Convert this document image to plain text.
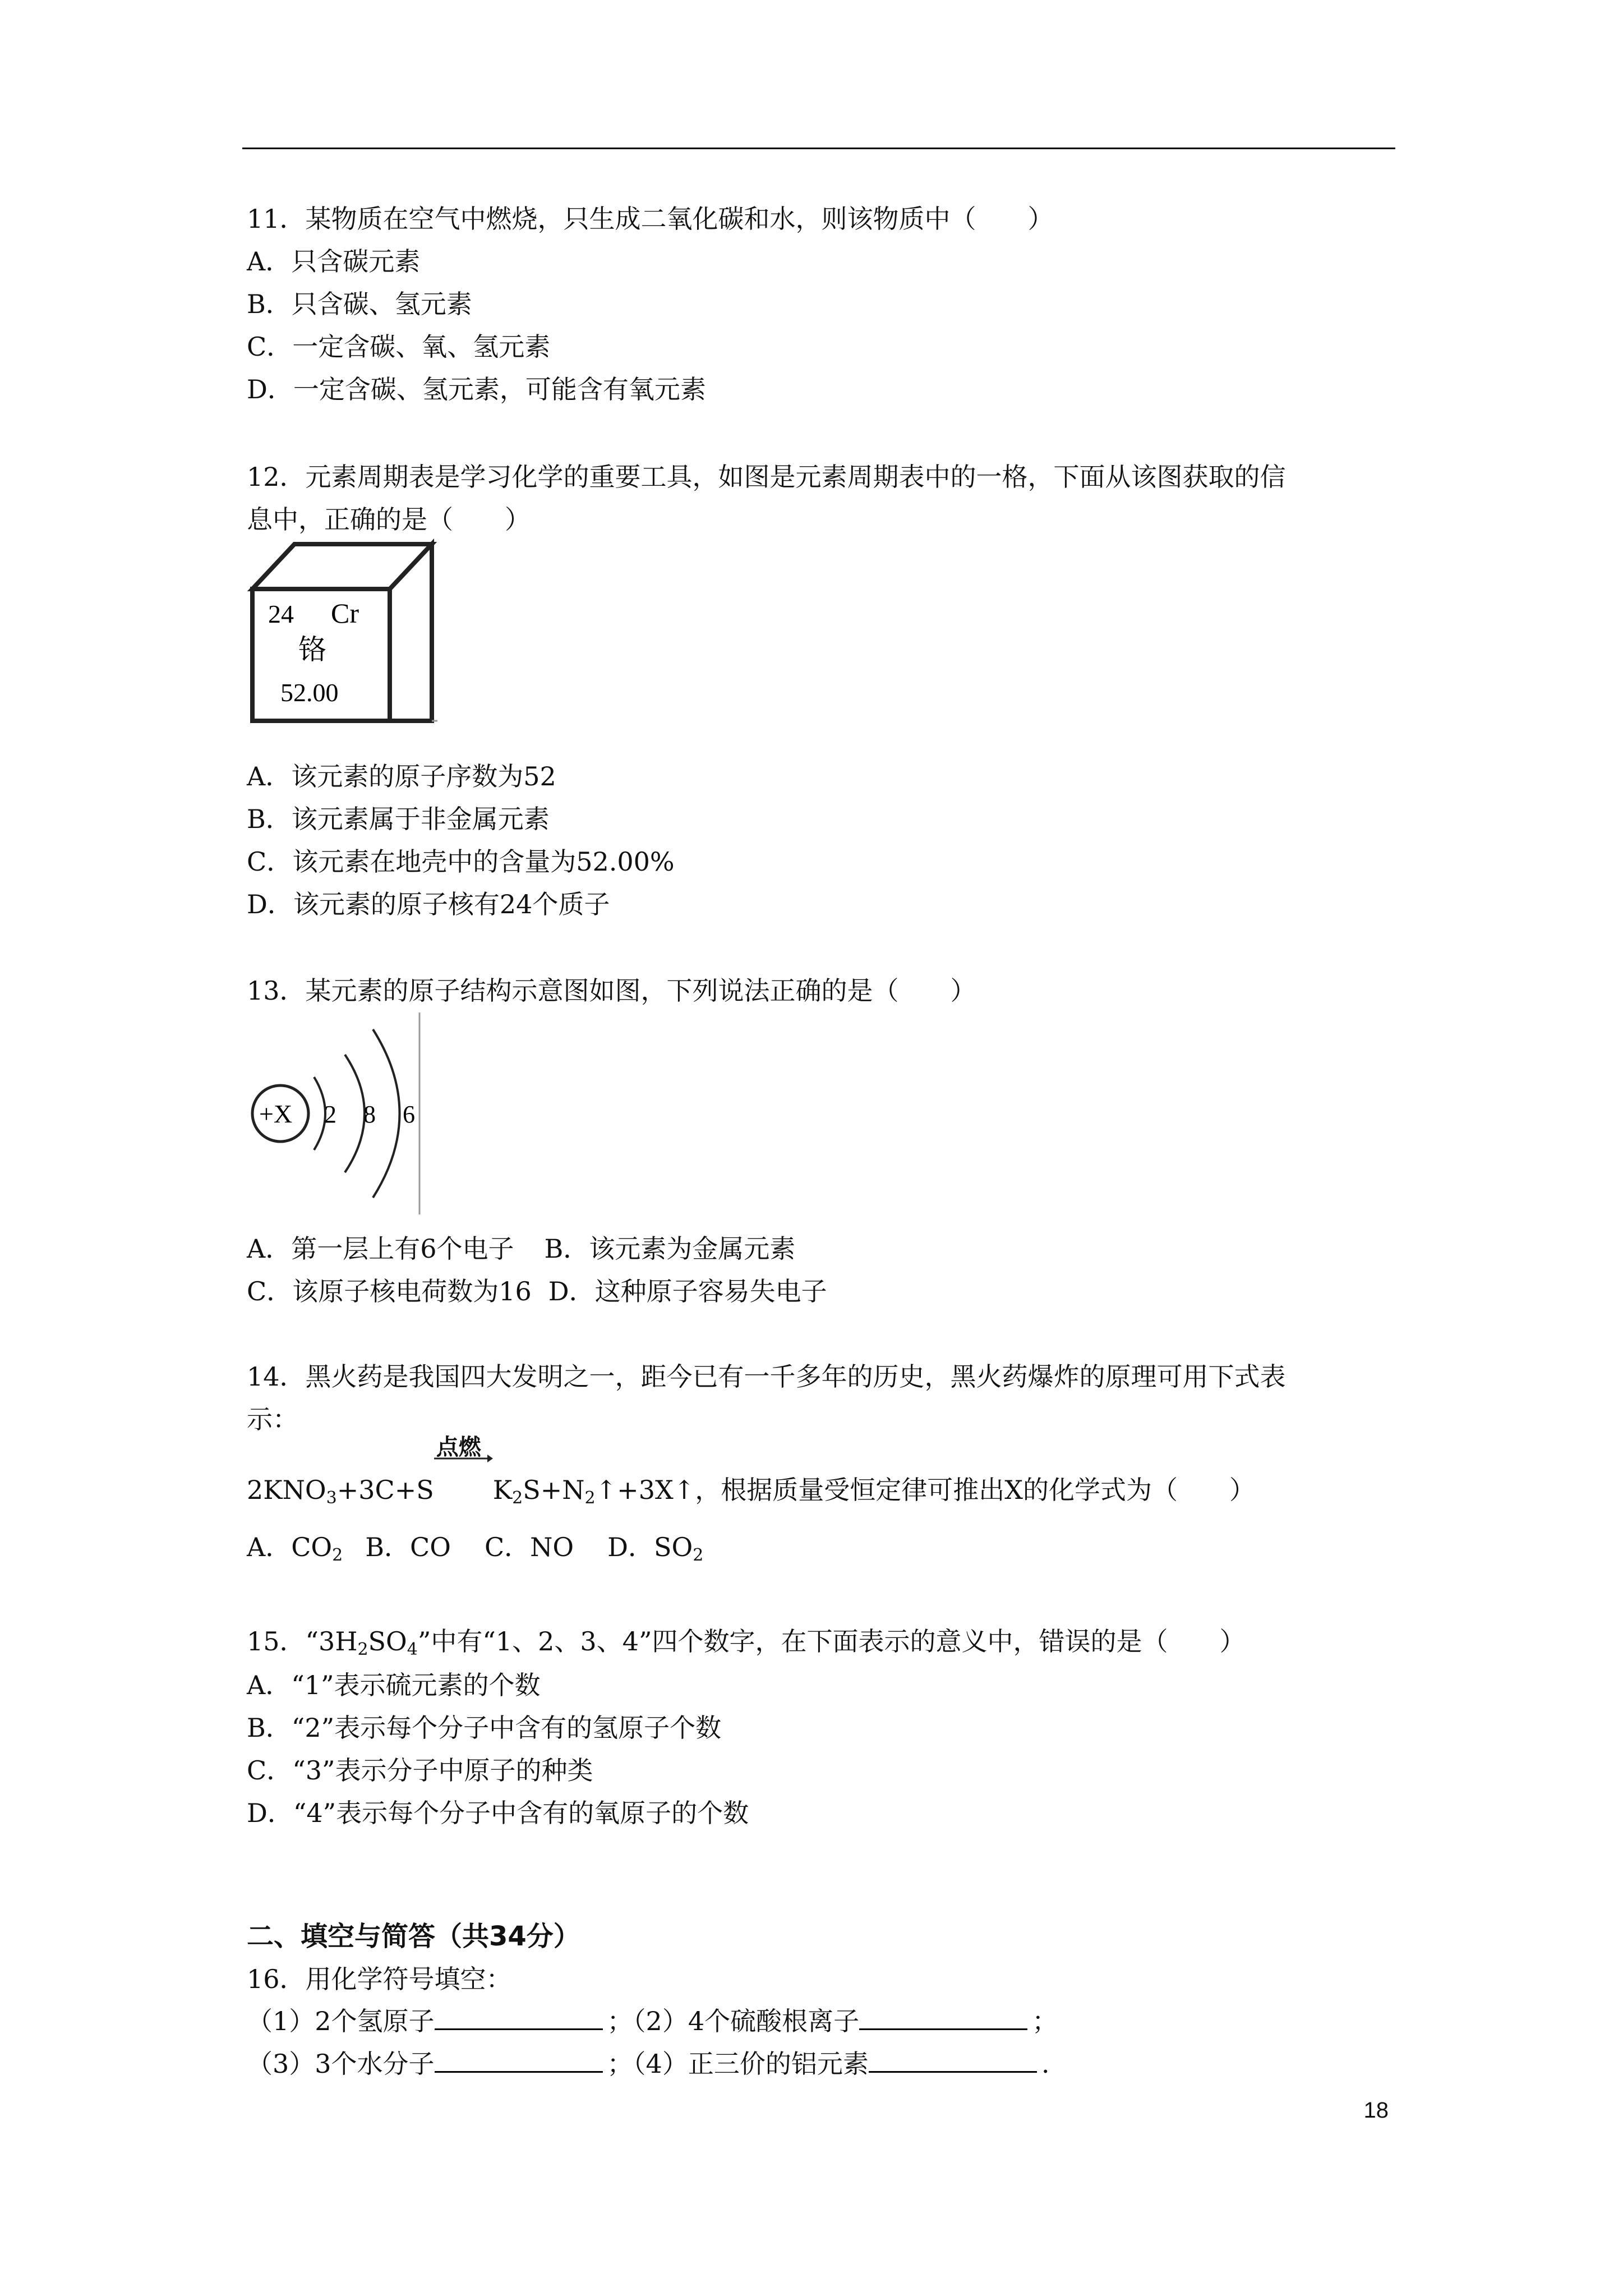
11．某物质在空气中燃烧，只生成二氧化碳和水，则该物质中（　　）
A．只含碳元素
B．只含碳、氢元素
C．一定含碳、氧、氢元素
D．一定含碳、氢元素，可能含有氧元素
12．元素周期表是学习化学的重要工具，如图是元素周期表中的一格，下面从该图获取的信
息中，正确的是（　　）
24 Cr
铬
52.00
A．该元素的原子序数为52
B．该元素属于非金属元素
C．该元素在地壳中的含量为52.00%
D．该元素的原子核有24个质子
13．某元素的原子结构示意图如图，下列说法正确的是（　　）
+X 2 8 6
A．第一层上有6个电子 B．该元素为金属元素
C．该原子核电荷数为16 D．这种原子容易失电子
14．黑火药是我国四大发明之一，距今已有一千多年的历史，黑火药爆炸的原理可用下式表
示：
$2KNO_3+3C+S$
点燃
$K_2S+N_2↑+3X↑$，根据质量受恒定律可推出X的化学式为（　　）
A．$CO_2$ B．CO C．NO D．$SO_2$
15．“$3H_2SO_4$”中有“1、2、3、4”四个数字，在下面表示的意义中，错误的是（　　）
A．“1”表示硫元素的个数
B．“2”表示每个分子中含有的氢原子个数
C．“3”表示分子中原子的种类
D．“4”表示每个分子中含有的氧原子的个数
二、填空与简答（共34分）
16．用化学符号填空：
（1）2个氢原子	；（2）4个硫酸根离子	；
（3）3个水分子	；（4）正三价的铝元素	.
18
